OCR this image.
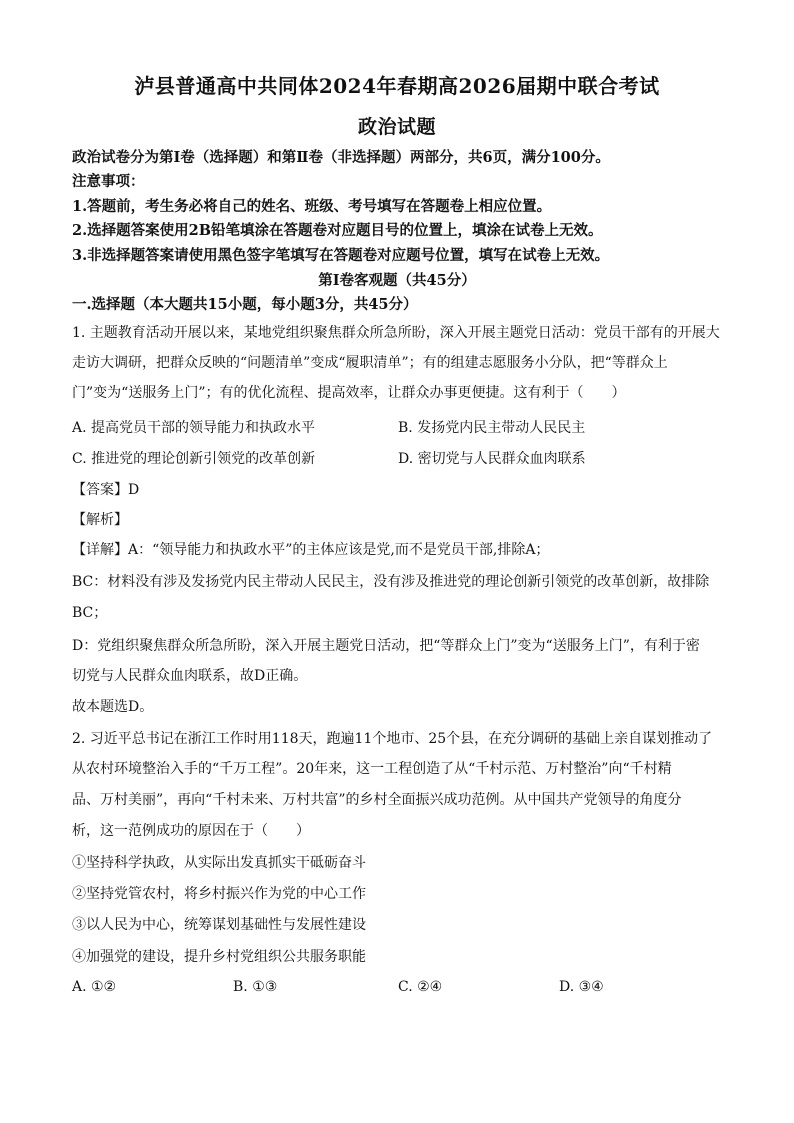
泸县普通高中共同体2024年春期高2026届期中联合考试
政治试题
政治试卷分为第Ⅰ卷（选择题）和第Ⅱ卷（非选择题）两部分，共6页，满分100分。
注意事项：
1.答题前，考生务必将自己的姓名、班级、考号填写在答题卷上相应位置。
2.选择题答案使用2B铅笔填涂在答题卷对应题目号的位置上，填涂在试卷上无效。
3.非选择题答案请使用黑色签字笔填写在答题卷对应题号位置，填写在试卷上无效。
第Ⅰ卷客观题（共45分）
一.选择题（本大题共15小题，每小题3分，共45分）
1. 主题教育活动开展以来，某地党组织聚焦群众所急所盼，深入开展主题党日活动：党员干部有的开展大
走访大调研，把群众反映的“问题清单”变成“履职清单”；有的组建志愿服务小分队，把“等群众上
门”变为“送服务上门”；有的优化流程、提高效率，让群众办事更便捷。这有利于（　　）
A. 提高党员干部的领导能力和执政水平	B. 发扬党内民主带动人民民主
C. 推进党的理论创新引领党的改革创新	D. 密切党与人民群众血肉联系
【答案】D
【解析】
【详解】A：“领导能力和执政水平”的主体应该是党,而不是党员干部,排除A；
BC：材料没有涉及发扬党内民主带动人民民主，没有涉及推进党的理论创新引领党的改革创新，故排除
BC；
D：党组织聚焦群众所急所盼，深入开展主题党日活动，把“等群众上门”变为“送服务上门”，有利于密
切党与人民群众血肉联系，故D正确。
故本题选D。
2. 习近平总书记在浙江工作时用118天，跑遍11个地市、25个县，在充分调研的基础上亲自谋划推动了
从农村环境整治入手的“千万工程”。20年来，这一工程创造了从“千村示范、万村整治”向“千村精
品、万村美丽”，再向“千村未来、万村共富”的乡村全面振兴成功范例。从中国共产党领导的角度分
析，这一范例成功的原因在于（　　）
①坚持科学执政，从实际出发真抓实干砥砺奋斗
②坚持党管农村，将乡村振兴作为党的中心工作
③以人民为中心，统筹谋划基础性与发展性建设
④加强党的建设，提升乡村党组织公共服务职能
A. ①②	B. ①③	C. ②④	D. ③④
